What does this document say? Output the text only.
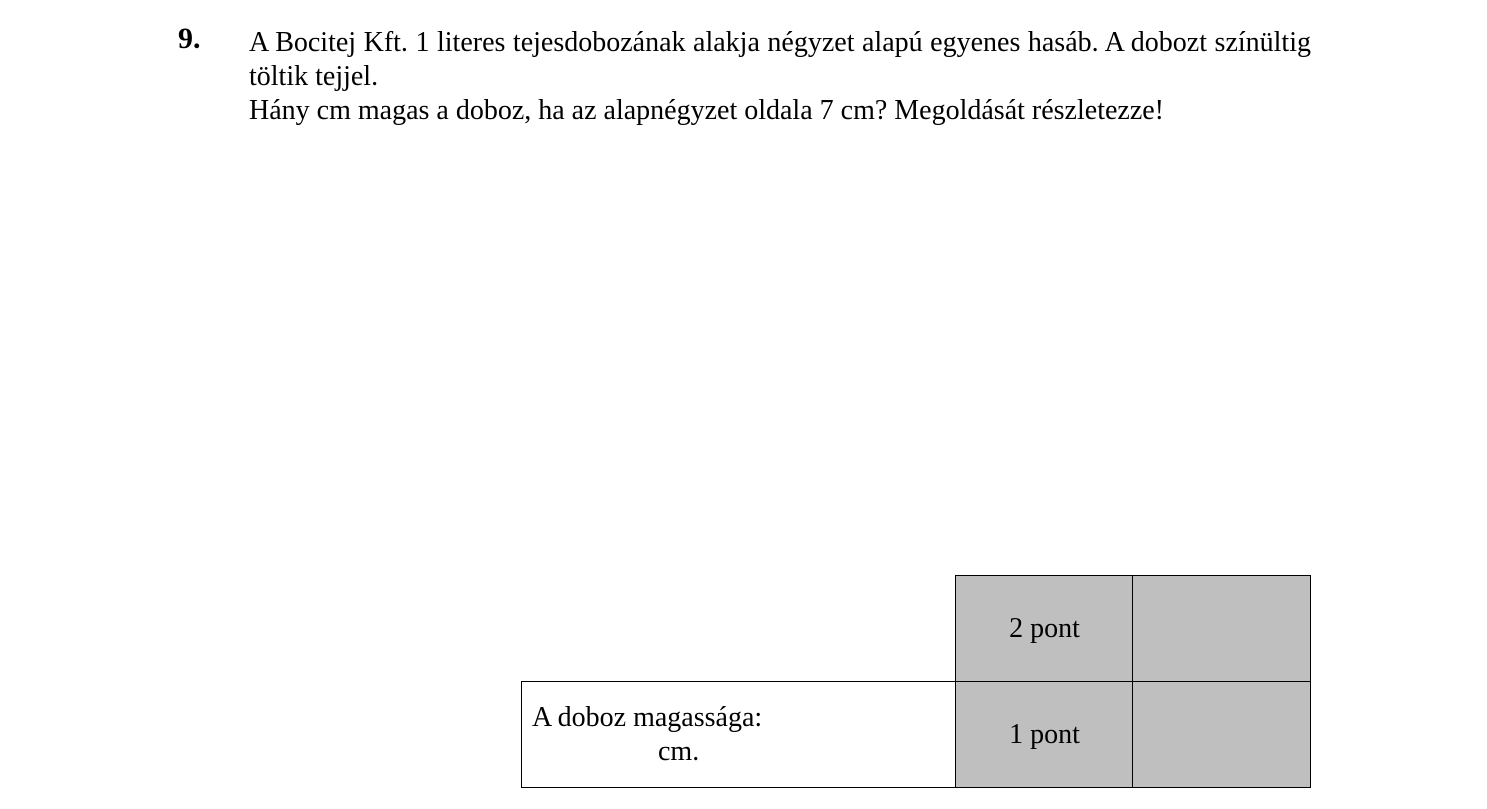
9. A Bocitej Kft. 1 literes tejesdobozának alakja négyzet alapú egyenes hasáb. A dobozt színültig töltik tejjel.

Hány cm magas a doboz, ha az alapnégyzet oldala 7 cm? Megoldását részletezze!

2 pont
A doboz magassága:
cm.
1 pont
